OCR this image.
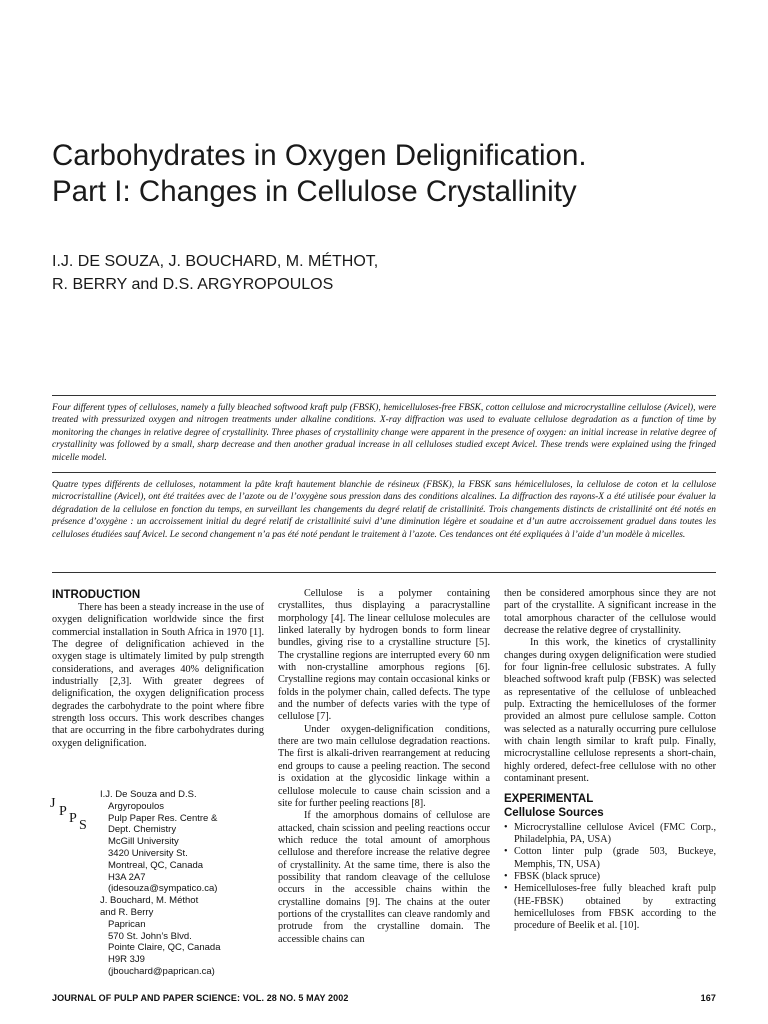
Carbohydrates in Oxygen Delignification.
Part I: Changes in Cellulose Crystallinity
I.J. DE SOUZA, J. BOUCHARD, M. MÉTHOT,
R. BERRY and D.S. ARGYROPOULOS

Four different types of celluloses, namely a fully bleached softwood kraft pulp (FBSK), hemicelluloses-free FBSK, cotton cellulose and microcrystalline cellulose (Avicel), were treated with pressurized oxygen and nitrogen treatments under alkaline conditions. X-ray diffraction was used to evaluate cellulose degradation as a function of time by monitoring the changes in relative degree of crystallinity. Three phases of crystallinity change were apparent in the presence of oxygen: an initial increase in relative degree of crystallinity was followed by a small, sharp decrease and then another gradual increase in all celluloses studied except Avicel. These trends were explained using the fringed micelle model.

Quatre types différents de celluloses, notamment la pâte kraft hautement blanchie de résineux (FBSK), la FBSK sans hémicelluloses, la cellulose de coton et la cellulose microcristalline (Avicel), ont été traitées avec de l’azote ou de l’oxygène sous pression dans des conditions alcalines. La diffraction des rayons-X a été utilisée pour évaluer la dégradation de la cellulose en fonction du temps, en surveillant les changements du degré relatif de cristallinité. Trois changements distincts de cristallinité ont été notés en présence d’oxygène : un accroissement initial du degré relatif de cristallinité suivi d’une diminution légère et soudaine et d’un autre accroissement graduel dans toutes les celluloses étudiées sauf Avicel. Le second changement n’a pas été noté pendant le traitement à l’azote. Ces tendances ont été expliquées à l’aide d’un modèle à micelles.

INTRODUCTION

There has been a steady increase in the use of oxygen delignification worldwide since the first commercial installation in South Africa in 1970 [1]. The degree of delignification achieved in the oxygen stage is ultimately limited by pulp strength considerations, and averages 40% delignification industrially [2,3]. With greater degrees of delignification, the oxygen delignification process degrades the carbohydrate to the point where fibre strength loss occurs. This work describes changes that are occurring in the fibre carbohydrates during oxygen delignification.

J
P P S
I.J. De Souza and D.S.
Argyropoulos
Pulp Paper Res. Centre &
Dept. Chemistry
McGill University
3420 University St.
Montreal, QC, Canada
H3A 2A7
(idesouza@sympatico.ca)
J. Bouchard, M. Méthot
and R. Berry
Paprican
570 St. John’s Blvd.
Pointe Claire, QC, Canada
H9R 3J9
(jbouchard@paprican.ca)

Cellulose is a polymer containing crystallites, thus displaying a paracrystalline morphology [4]. The linear cellulose molecules are linked laterally by hydrogen bonds to form linear bundles, giving rise to a crystalline structure [5]. The crystalline regions are interrupted every 60 nm with non-crystalline amorphous regions [6]. Crystalline regions may contain occasional kinks or folds in the polymer chain, called defects. The type and the number of defects varies with the type of cellulose [7].

Under oxygen-delignification conditions, there are two main cellulose degradation reactions. The first is alkali-driven rearrangement at reducing end groups to cause a peeling reaction. The second is oxidation at the glycosidic linkage within a cellulose molecule to cause chain scission and a site for further peeling reactions [8].

If the amorphous domains of cellulose are attacked, chain scission and peeling reactions occur which reduce the total amount of amorphous cellulose and therefore increase the relative degree of crystallinity. At the same time, there is also the possibility that random cleavage of the cellulose occurs in the accessible chains within the crystalline domains [9]. The chains at the outer portions of the crystallites can cleave randomly and protrude from the crystalline domain. The accessible chains can

then be considered amorphous since they are not part of the crystallite. A significant increase in the total amorphous character of the cellulose would decrease the relative degree of crystallinity.

In this work, the kinetics of crystallinity changes during oxygen delignification were studied for four lignin-free cellulosic substrates. A fully bleached softwood kraft pulp (FBSK) was selected as representative of the cellulose of unbleached pulp. Extracting the hemicelluloses of the former provided an almost pure cellulose sample. Cotton was selected as a naturally occurring pure cellulose with chain length similar to kraft pulp. Finally, microcrystalline cellulose represents a short-chain, highly ordered, defect-free cellulose with no other contaminant present.

EXPERIMENTAL

Cellulose Sources

• Microcrystalline cellulose Avicel (FMC Corp., Philadelphia, PA, USA)
• Cotton linter pulp (grade 503, Buckeye, Memphis, TN, USA)
• FBSK (black spruce)
• Hemicelluloses-free fully bleached kraft pulp (HE-FBSK) obtained by extracting hemicelluloses from FBSK according to the procedure of Beelik et al. [10].
JOURNAL OF PULP AND PAPER SCIENCE: VOL. 28 NO. 5 MAY 2002	167
